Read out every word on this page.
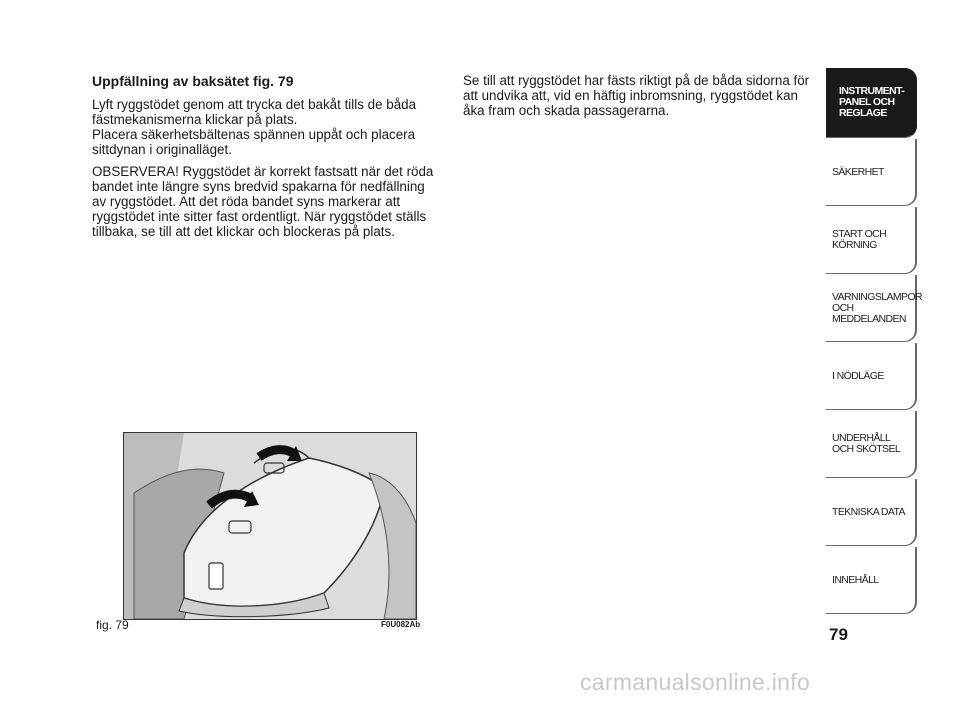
Uppfällning av baksätet fig. 79

Lyft ryggstödet genom att trycka det bakåt tills de båda fästmekanismerna klickar på plats.
Placera säkerhetsbältenas spännen uppåt och placera sittdynan i originalläget.

OBSERVERA! Ryggstödet är korrekt fastsatt när det röda bandet inte längre syns bredvid spakarna för nedfällning av ryggstödet. Att det röda bandet syns markerar att ryggstödet inte sitter fast ordentligt. När ryggstödet ställs tillbaka, se till att det klickar och blockeras på plats.

Se till att ryggstödet har fästs riktigt på de båda sidorna för att undvika att, vid en häftig inbromsning, ryggstödet kan åka fram och skada passagerarna.

fig. 79	F0U082Ab
INSTRUMENT-
PANEL OCH
REGLAGE
SÄKERHET
START OCH
KÖRNING
VARNINGSLAMPOR
OCH
MEDDELANDEN
I NÖDLÄGE
UNDERHÅLL
OCH SKÖTSEL
TEKNISKA DATA
INNEHÅLL
79
carmanualsonline.info
